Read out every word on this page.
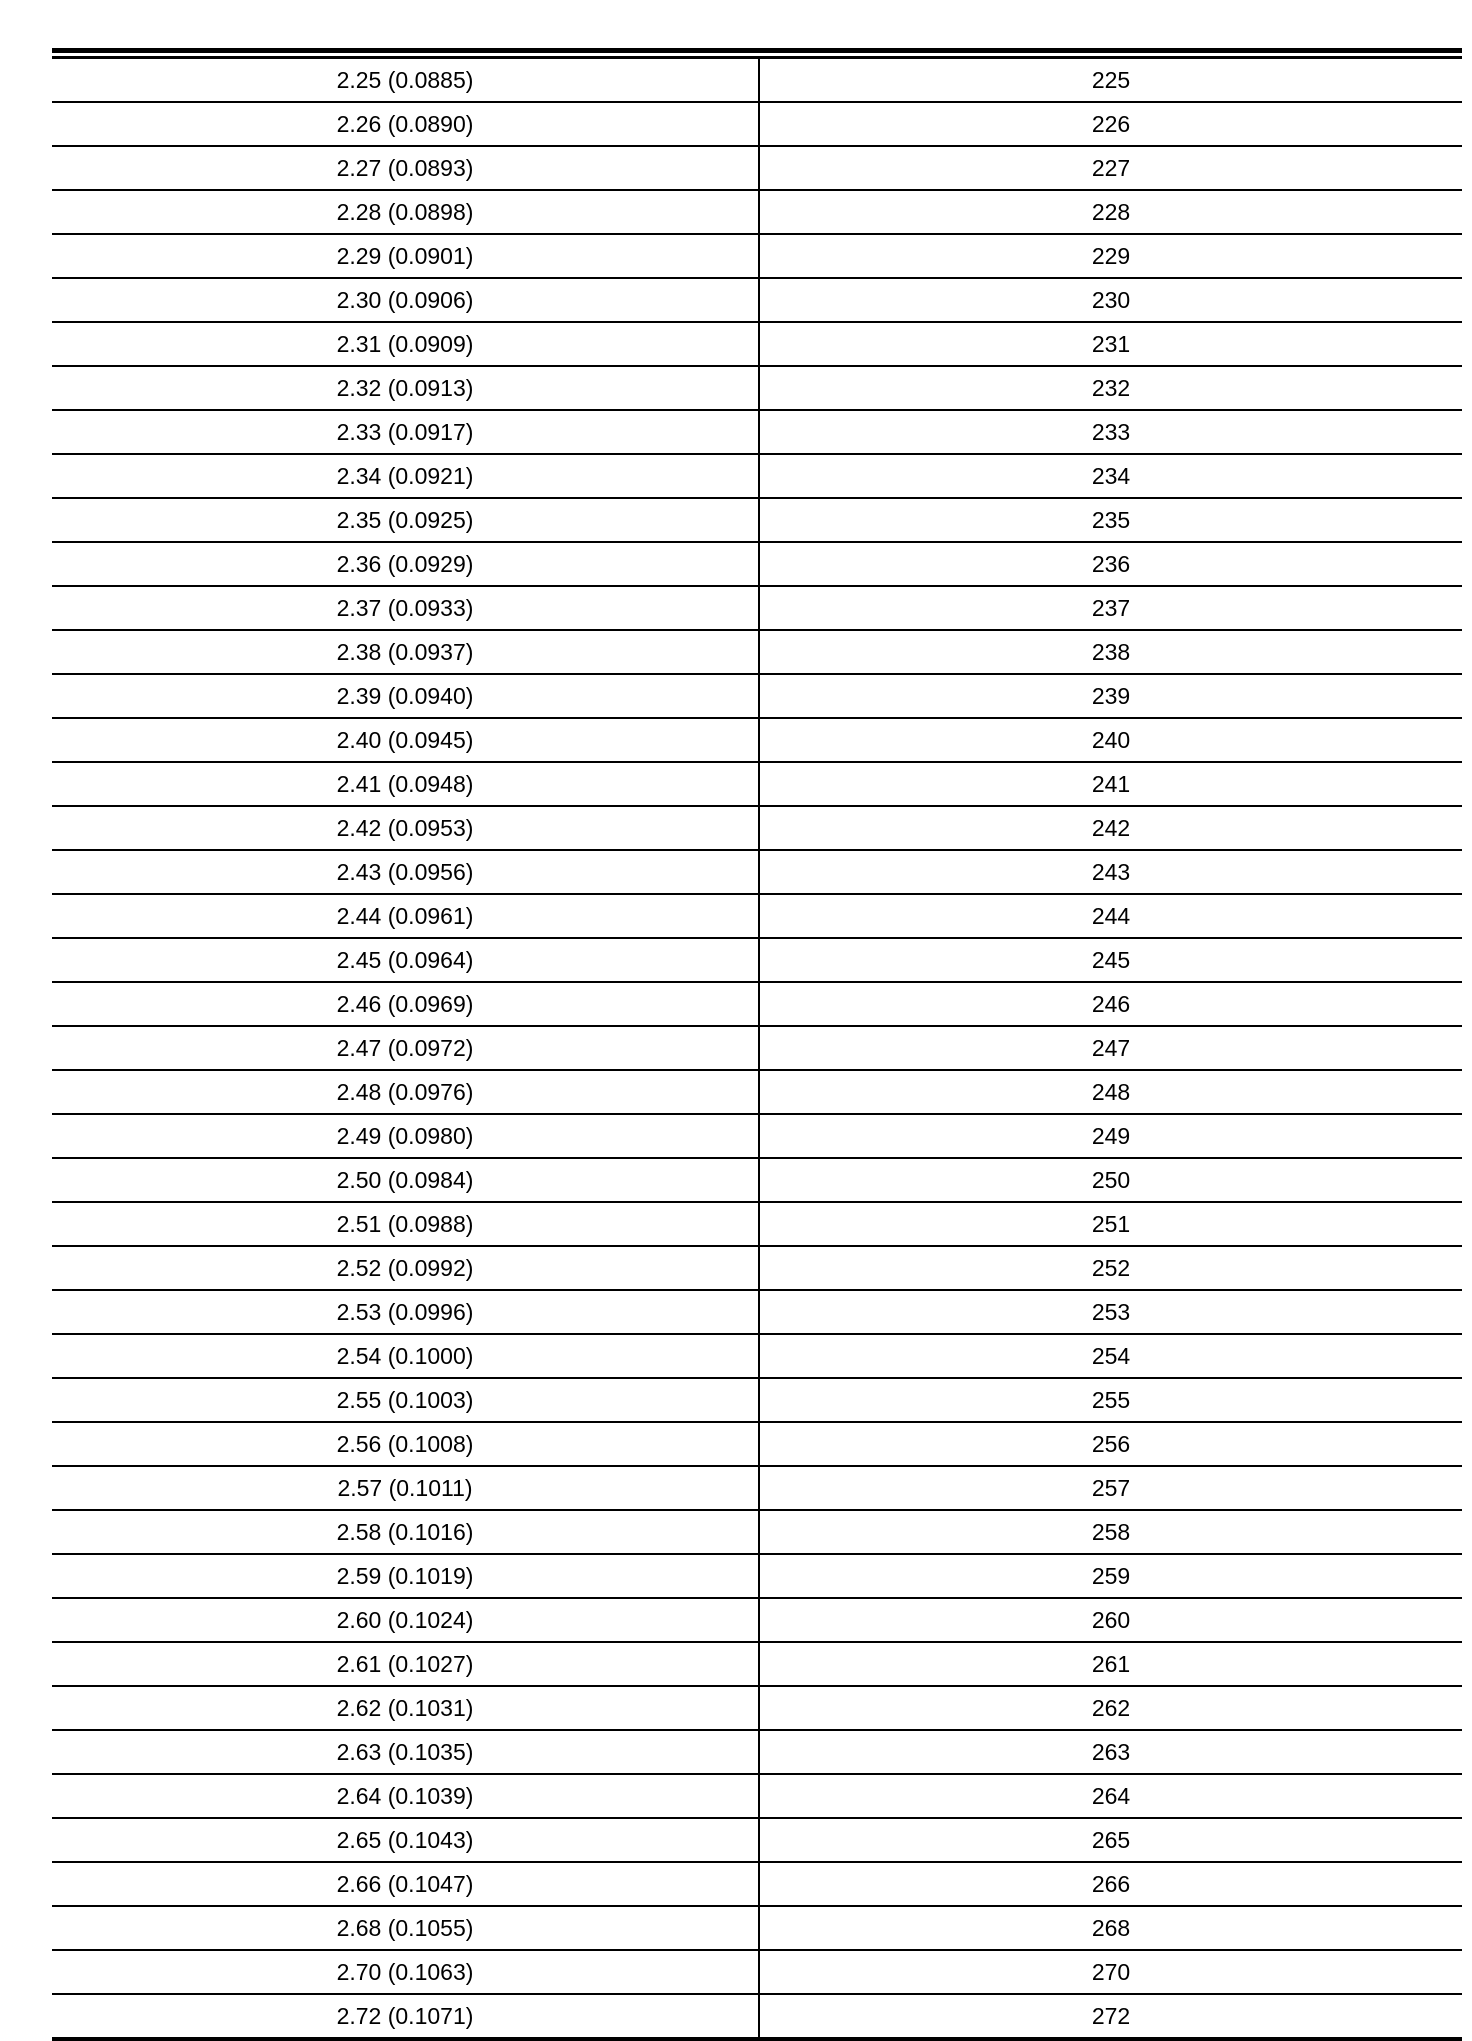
2.25 (0.0885)	225
2.26 (0.0890)	226
2.27 (0.0893)	227
2.28 (0.0898)	228
2.29 (0.0901)	229
2.30 (0.0906)	230
2.31 (0.0909)	231
2.32 (0.0913)	232
2.33 (0.0917)	233
2.34 (0.0921)	234
2.35 (0.0925)	235
2.36 (0.0929)	236
2.37 (0.0933)	237
2.38 (0.0937)	238
2.39 (0.0940)	239
2.40 (0.0945)	240
2.41 (0.0948)	241
2.42 (0.0953)	242
2.43 (0.0956)	243
2.44 (0.0961)	244
2.45 (0.0964)	245
2.46 (0.0969)	246
2.47 (0.0972)	247
2.48 (0.0976)	248
2.49 (0.0980)	249
2.50 (0.0984)	250
2.51 (0.0988)	251
2.52 (0.0992)	252
2.53 (0.0996)	253
2.54 (0.1000)	254
2.55 (0.1003)	255
2.56 (0.1008)	256
2.57 (0.1011)	257
2.58 (0.1016)	258
2.59 (0.1019)	259
2.60 (0.1024)	260
2.61 (0.1027)	261
2.62 (0.1031)	262
2.63 (0.1035)	263
2.64 (0.1039)	264
2.65 (0.1043)	265
2.66 (0.1047)	266
2.68 (0.1055)	268
2.70 (0.1063)	270
2.72 (0.1071)	272
